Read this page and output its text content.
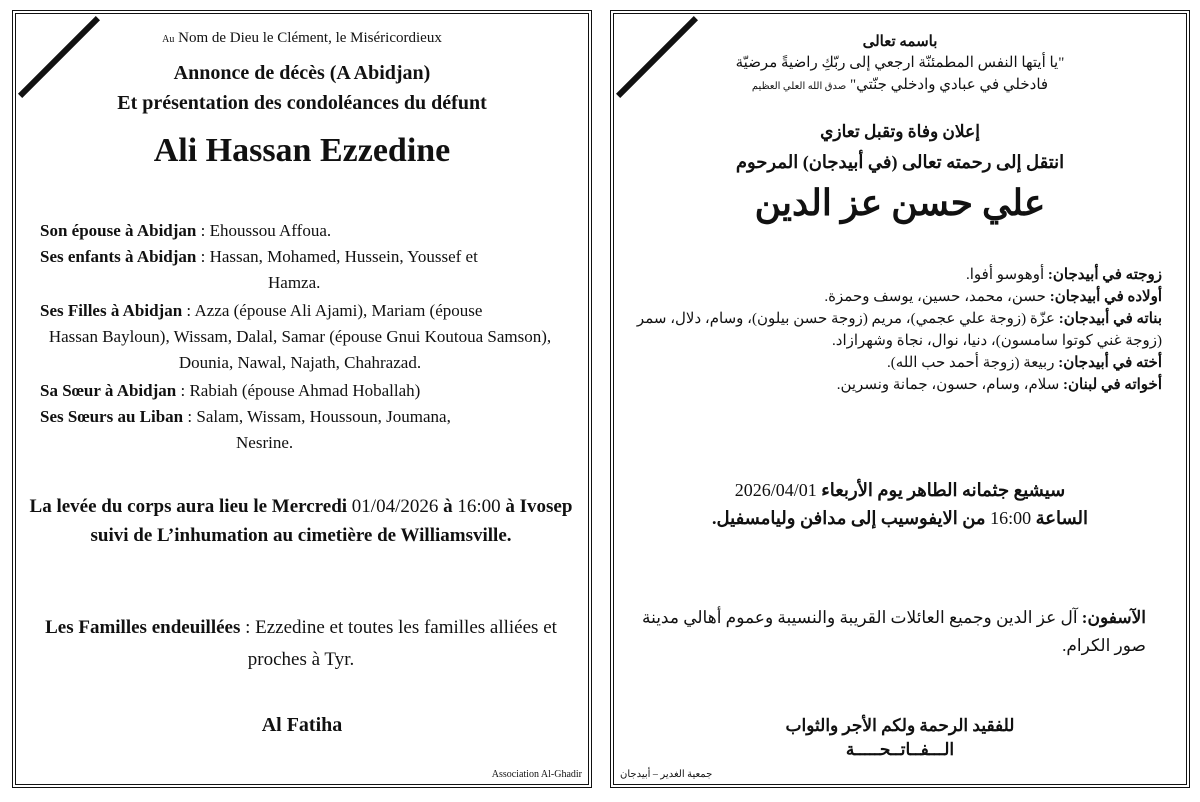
Au Nom de Dieu le Clément, le Miséricordieux
Annonce de décès (A Abidjan)
Et présentation des condoléances du défunt
Ali Hassan Ezzedine
Son épouse à Abidjan : Ehoussou Affoua.
Ses enfants à Abidjan : Hassan, Mohamed, Hussein, Youssef et
Hamza.
Ses Filles à Abidjan : Azza (épouse Ali Ajami), Mariam (épouse
Hassan Bayloun), Wissam, Dalal, Samar (épouse Gnui Koutoua Samson), Dounia, Nawal, Najath, Chahrazad.
Sa Sœur à Abidjan : Rabiah (épouse Ahmad Hoballah)
Ses Sœurs au Liban : Salam, Wissam, Houssoun, Joumana,
Nesrine.
La levée du corps aura lieu le Mercredi 01/04/2026 à 16:00 à Ivosep suivi de L’inhumation au cimetière de Williamsville.
Les Familles endeuillées : Ezzedine et toutes les familles alliées et proches à Tyr.
Al Fatiha
Association Al-Ghadir
باسمه تعالى
"يا أيتها النفس المطمئنّة ارجعي إلى ربّكِ راضيةً مرضيّة
فادخلي في عبادي وادخلي جنّتي" صدق الله العلي العظيم
إعلان وفاة وتقبل تعازي
انتقل إلى رحمته تعالى (في أبيدجان) المرحوم
علي حسن عز الدين
زوجته في أبيدجان: أوهوسو أفوا.
أولاده في أبيدجان: حسن، محمد، حسين، يوسف وحمزة.
بناته في أبيدجان: عزّة (زوجة علي عجمي)، مريم (زوجة حسن بيلون)، وسام، دلال، سمر (زوجة غني كوتوا سامسون)، دنيا، نوال، نجاة وشهرازاد.
أخته في أبيدجان: ربيعة (زوجة أحمد حب الله).
أخواته في لبنان: سلام، وسام، حسون، جمانة ونسرين.
سيشيع جثمانه الطاهر يوم الأربعاء 2026/04/01
الساعة 16:00 من الايفوسيب إلى مدافن وليامسفيل.
الآسفون: آل عز الدين وجميع العائلات القريبة والنسيبة وعموم أهالي مدينة صور الكرام.
للفقيد الرحمة ولكم الأجر والثواب
الـــفــاتــحـــــة
جمعية الغدير – أبيدجان
